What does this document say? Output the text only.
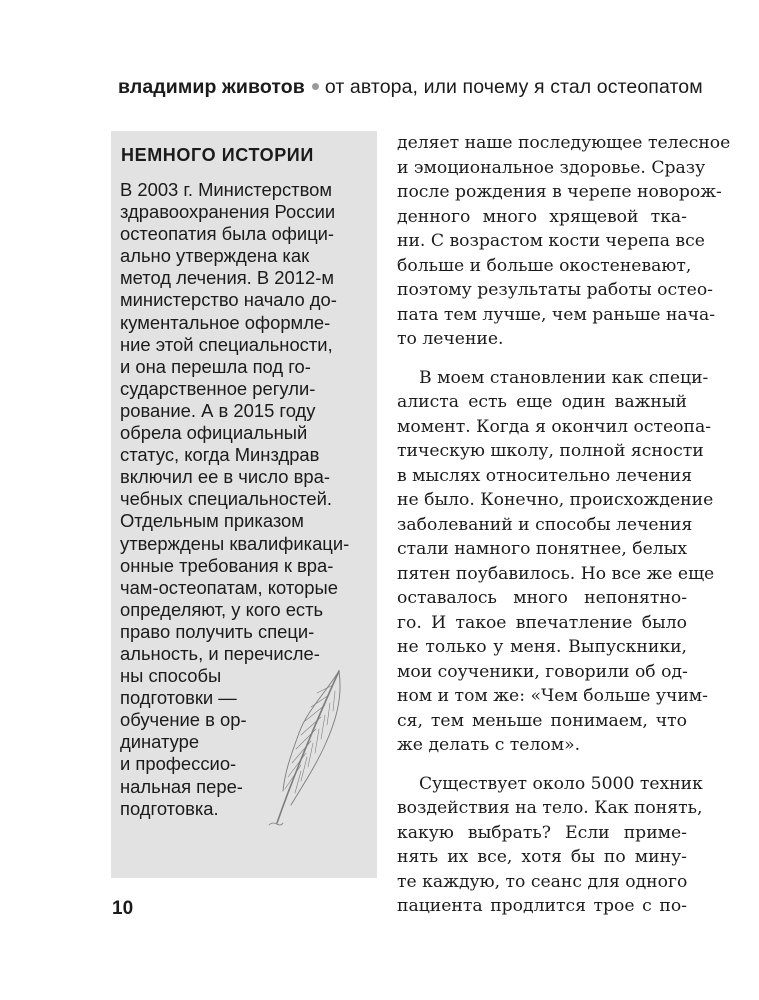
владимир животов от автора, или почему я стал остеопатом
НЕМНОГО ИСТОРИИ
В 2003 г. Министерством
здравоохранения России
остеопатия была офици-
ально утверждена как
метод лечения. В 2012-м
министерство начало до-
кументальное оформле-
ние этой специальности,
и она перешла под го-
сударственное регули-
рование. А в 2015 году
обрела официальный
статус, когда Минздрав
включил ее в число вра-
чебных специальностей.
Отдельным приказом
утверждены квалификаци-
онные требования к вра-
чам-остеопатам, которые
определяют, у кого есть
право получить специ-
альность, и перечисле-
ны способы
подготовки —
обучение в ор-
динатуре
и профессио-
нальная пере-
подготовка.
деляет наше последующее телесное
и эмоциональное здоровье. Сразу
после рождения в черепе новорож-
денного много хрящевой тка-
ни. С возрастом кости черепа все
больше и больше окостеневают,
поэтому результаты работы остео-
пата тем лучше, чем раньше нача-
то лечение.
В моем становлении как специ-
алиста есть еще один важный
момент. Когда я окончил остеопа-
тическую школу, полной ясности
в мыслях относительно лечения
не было. Конечно, происхождение
заболеваний и способы лечения
стали намного понятнее, белых
пятен поубавилось. Но все же еще
оставалось много непонятно-
го. И такое впечатление было
не только у меня. Выпускники,
мои соученики, говорили об од-
ном и том же: «Чем больше учим-
ся, тем меньше понимаем, что
же делать с телом».
Существует около 5000 техник
воздействия на тело. Как понять,
какую выбрать? Если приме-
нять их все, хотя бы по мину-
те каждую, то сеанс для одного
пациента продлится трое с по-
10
